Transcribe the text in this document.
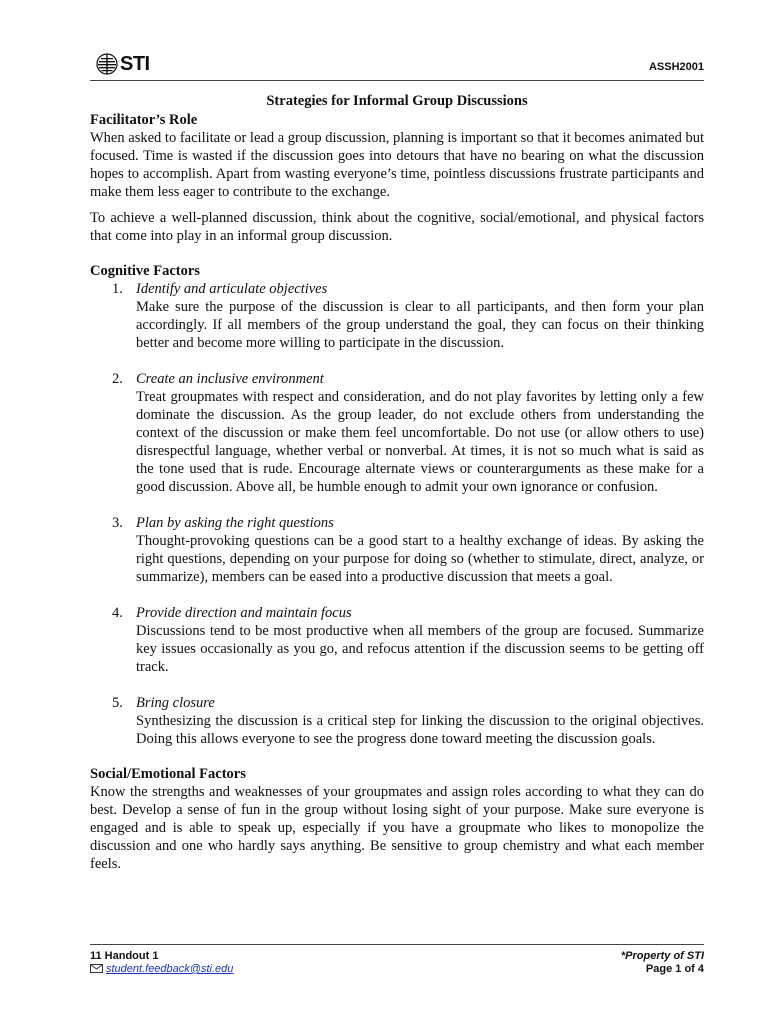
STI	ASSH2001
Strategies for Informal Group Discussions
Facilitator’s Role

When asked to facilitate or lead a group discussion, planning is important so that it becomes animated but focused. Time is wasted if the discussion goes into detours that have no bearing on what the discussion hopes to accomplish. Apart from wasting everyone’s time, pointless discussions frustrate participants and make them less eager to contribute to the exchange.

To achieve a well-planned discussion, think about the cognitive, social/emotional, and physical factors that come into play in an informal group discussion.

Cognitive Factors
1. Identify and articulate objectives
Make sure the purpose of the discussion is clear to all participants, and then form your plan accordingly. If all members of the group understand the goal, they can focus on their thinking better and become more willing to participate in the discussion.
2. Create an inclusive environment
Treat groupmates with respect and consideration, and do not play favorites by letting only a few dominate the discussion. As the group leader, do not exclude others from understanding the context of the discussion or make them feel uncomfortable. Do not use (or allow others to use) disrespectful language, whether verbal or nonverbal. At times, it is not so much what is said as the tone used that is rude. Encourage alternate views or counterarguments as these make for a good discussion. Above all, be humble enough to admit your own ignorance or confusion.
3. Plan by asking the right questions
Thought-provoking questions can be a good start to a healthy exchange of ideas. By asking the right questions, depending on your purpose for doing so (whether to stimulate, direct, analyze, or summarize), members can be eased into a productive discussion that meets a goal.
4. Provide direction and maintain focus
Discussions tend to be most productive when all members of the group are focused. Summarize key issues occasionally as you go, and refocus attention if the discussion seems to be getting off track.
5. Bring closure
Synthesizing the discussion is a critical step for linking the discussion to the original objectives. Doing this allows everyone to see the progress done toward meeting the discussion goals.
Social/Emotional Factors

Know the strengths and weaknesses of your groupmates and assign roles according to what they can do best. Develop a sense of fun in the group without losing sight of your purpose. Make sure everyone is engaged and is able to speak up, especially if you have a groupmate who likes to monopolize the discussion and one who hardly says anything. Be sensitive to group chemistry and what each member feels.

11 Handout 1
student.feedback@sti.edu
*Property of STI
Page 1 of 4
